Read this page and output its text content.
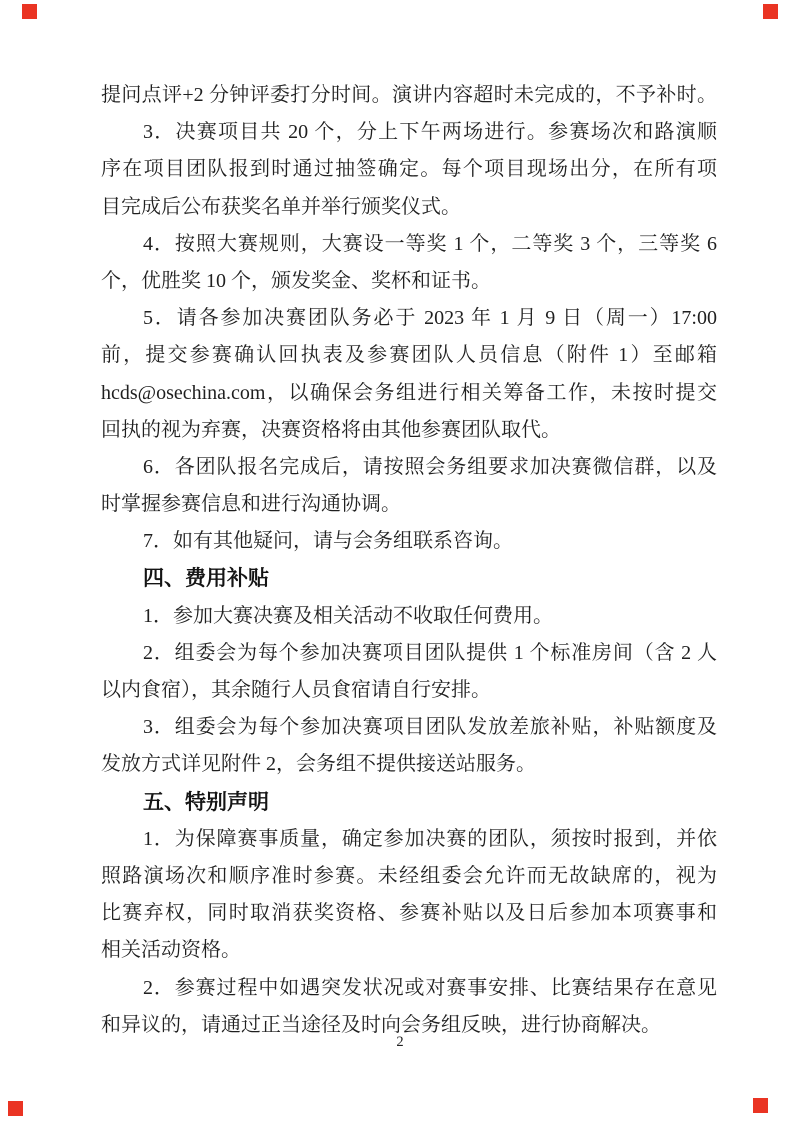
提问点评+2 分钟评委打分时间。演讲内容超时未完成的，不予补时。
3．决赛项目共 20 个，分上下午两场进行。参赛场次和路演顺
序在项目团队报到时通过抽签确定。每个项目现场出分，在所有项
目完成后公布获奖名单并举行颁奖仪式。
4．按照大赛规则，大赛设一等奖 1 个，二等奖 3 个，三等奖 6
个，优胜奖 10 个，颁发奖金、奖杯和证书。
5．请各参加决赛团队务必于 2023 年 1 月 9 日（周一）17:00
前，提交参赛确认回执表及参赛团队人员信息（附件 1）至邮箱
hcds@osechina.com，以确保会务组进行相关筹备工作，未按时提交
回执的视为弃赛，决赛资格将由其他参赛团队取代。
6．各团队报名完成后，请按照会务组要求加决赛微信群，以及
时掌握参赛信息和进行沟通协调。
7．如有其他疑问，请与会务组联系咨询。
四、费用补贴
1．参加大赛决赛及相关活动不收取任何费用。
2．组委会为每个参加决赛项目团队提供 1 个标准房间（含 2 人
以内食宿），其余随行人员食宿请自行安排。
3．组委会为每个参加决赛项目团队发放差旅补贴，补贴额度及
发放方式详见附件 2，会务组不提供接送站服务。
五、特别声明
1．为保障赛事质量，确定参加决赛的团队，须按时报到，并依
照路演场次和顺序准时参赛。未经组委会允许而无故缺席的，视为
比赛弃权，同时取消获奖资格、参赛补贴以及日后参加本项赛事和
相关活动资格。
2．参赛过程中如遇突发状况或对赛事安排、比赛结果存在意见
和异议的，请通过正当途径及时向会务组反映，进行协商解决。
2
